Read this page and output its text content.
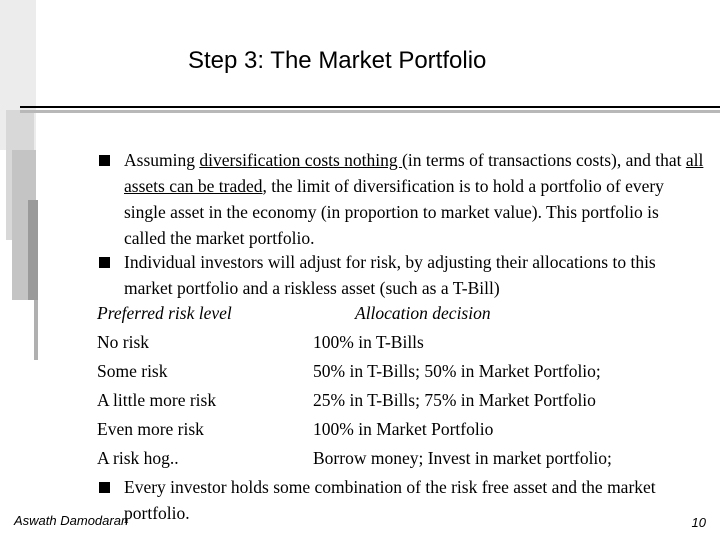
Step 3: The Market Portfolio
Assuming diversification costs nothing (in terms of transactions costs), and that all assets can be traded, the limit of diversification is to hold a portfolio of every single asset in the economy (in proportion to market value). This portfolio is called the market portfolio.
Individual investors will adjust for risk, by adjusting their allocations to this market portfolio and a riskless asset (such as a T-Bill)
Preferred risk level	Allocation decision
No risk	100% in T-Bills
Some risk	50% in T-Bills; 50% in Market Portfolio;
A little more risk	25% in T-Bills; 75% in Market Portfolio
Even more risk	100% in Market Portfolio
A risk hog..	Borrow money; Invest in market portfolio;
Every investor holds some combination of the risk free asset and the market portfolio.
Aswath Damodaran	10
